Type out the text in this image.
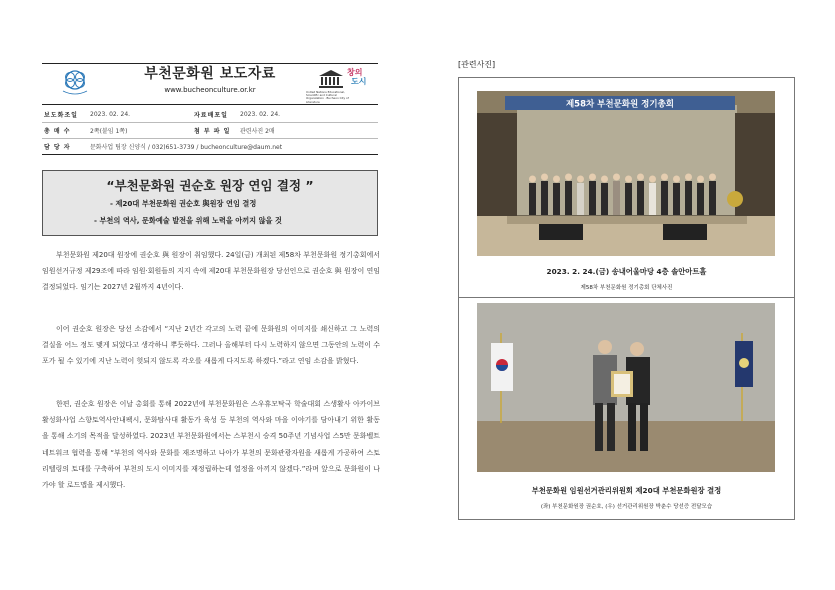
부천문화원 보도자료
www.bucheonculture.or.kr	United Nations Educational, Scientific and Cultural Organization · Bucheon City of Literature
창의
도시
보도화조일	2023. 02. 24.	자료배포일	2023. 02. 24.
총 매 수	2쪽(붙임 1쪽)	첨 부 파 일	관련사진 2매
담 당 자	문화사업 팀장 신양식 / 032)651-3739 / bucheonculture@daum.net		
“부천문화원 권순호 원장 연임 결정 ”
- 제20대 부천문화원 권순호 與원장 연임 결정
- 부천의 역사, 문화예술 발전을 위해 노력을 아끼지 않을 것
부천문화원 제20대 원장에 권순호 與 원장이 취임했다. 24일(금) 개최된 제58차 부천문화원 정기총회에서 임원선거규정 제29조에 따라 임원·회원들의 지지 속에 제20대 부천문화원장 당선인으로 권순호 與 원장이 연임 결정되었다. 임기는 2027년 2월까지 4년이다.
이어 권순호 원장은 당선 소감에서 “지난 2년간 각고의 노력 끝에 문화원의 이미지를 쇄신하고 그 노력의 결실을 어느 정도 맺게 되었다고 생각하니 뿌듯하다. 그러나 올해부터 다시 노력하지 않으면 그동안의 노력이 수포가 될 수 있기에 지난 노력이 헛되지 않도록 각오를 새롭게 다지도록 하겠다.”라고 연임 소감을 밝혔다.
한편, 권순호 원장은 이날 총회를 통해 2022년에 부천문화원은 스우휴모탁국 학술대회 스생활사 아카이브활성화사업 스향토역사안내팩시, 문화탐사대 활동가 육성 등 부천의 역사와 마을 이야기를 담아내기 위한 활동을 통해 소기의 목적을 달성하였다. 2023년 부천문화원에서는 스부천시 승격 50주년 기념사업 스5만 문화벨트 네트워크 협력을 통해 “부천의 역사와 문화를 재조명하고 나아가 부천의 문화관광자원을 새롭게 가공하여 스토리텔링의 토대를 구축하여 부천의 도시 이미지를 재정립하는데 열정을 아끼지 않겠다.”라며 앞으로 문화원이 나가야 할 로드맵을 제시했다.
[관련사진]
제58차 부천문화원 정기총회
2023. 2. 24.(금) 송내어울마당 4층 솔안아트홀
제58차 부천문화원 정기총회 단체사진
부천문화원 임원선거관리위원회 제20대 부천문화원장 결정
(좌) 부천문화원장 권순호, (우) 선거관리위원장 박춘수 당선증 전달모습
